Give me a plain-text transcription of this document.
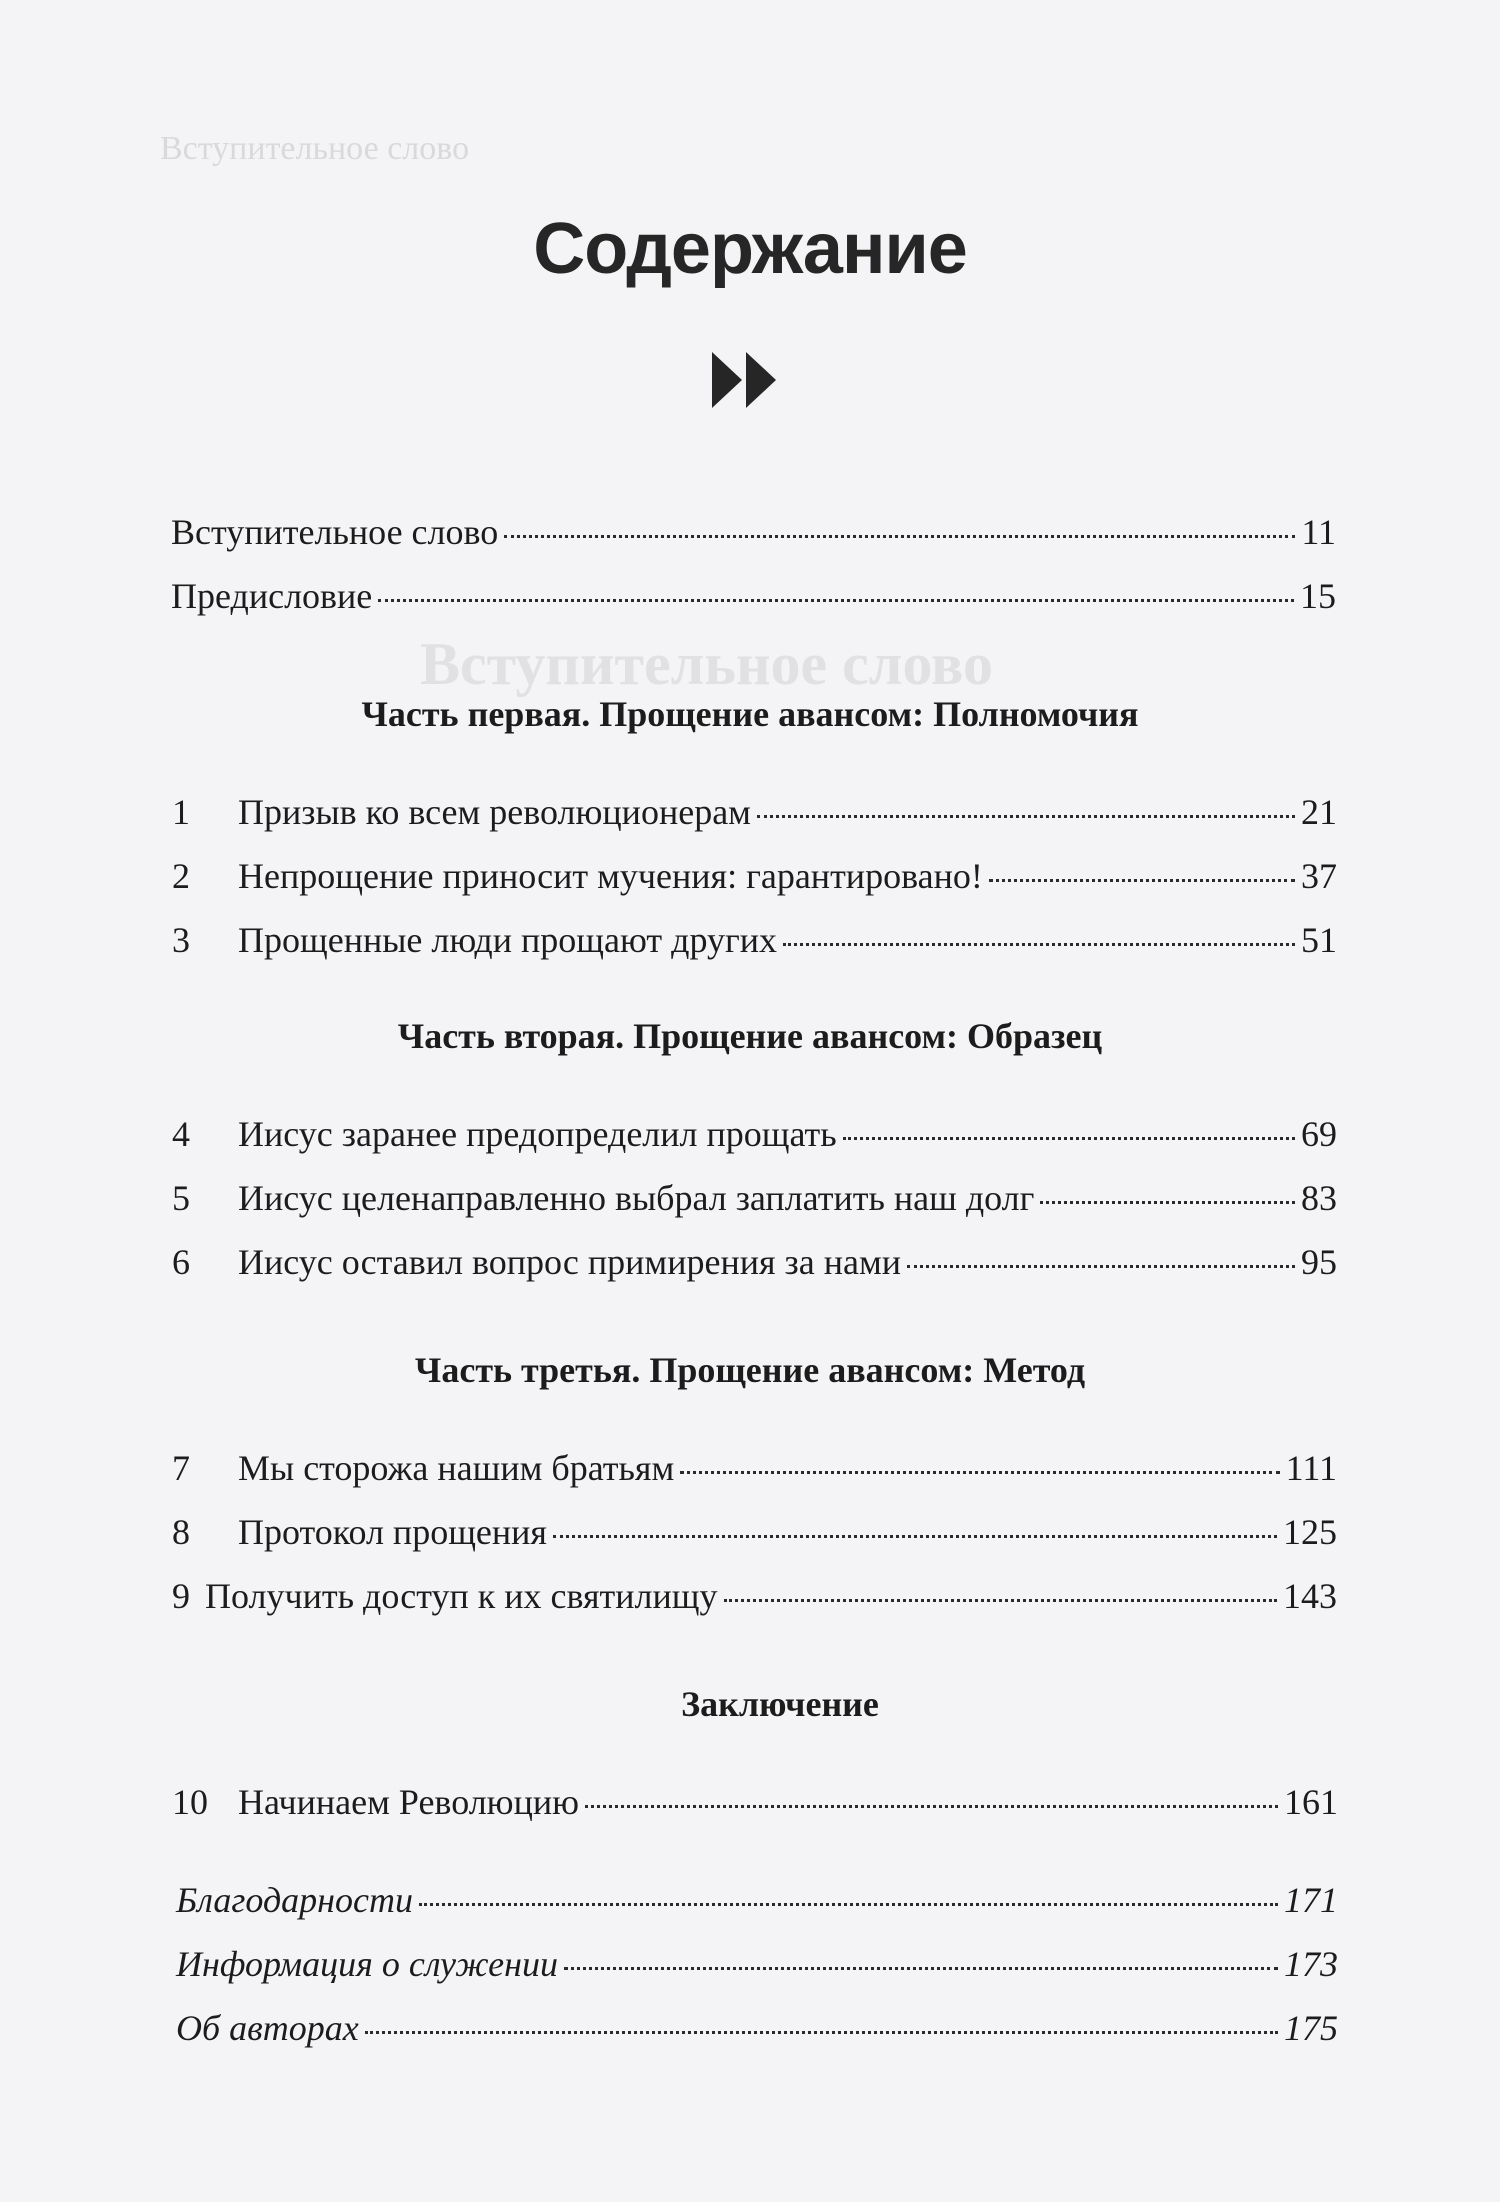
Вступительное слово
Вступительное слово
Содержание
Вступительное слово	11
Предисловие	15
Часть первая. Прощение авансом: Полномочия
1	Призыв ко всем революционерам	21
2	Непрощение приносит мучения: гарантировано!	37
3	Прощенные люди прощают других	51
Часть вторая. Прощение авансом: Образец
4	Иисус заранее предопределил прощать	69
5	Иисус целенаправленно выбрал заплатить наш долг	83
6	Иисус оставил вопрос примирения за нами	95
Часть третья. Прощение авансом: Метод
7	Мы сторожа нашим братьям	111
8	Протокол прощения	125
9 Получить доступ к их святилищу	143
Заключение
10 Начинаем Революцию	161
Благодарности	171
Информация о служении	173
Об авторах	175
